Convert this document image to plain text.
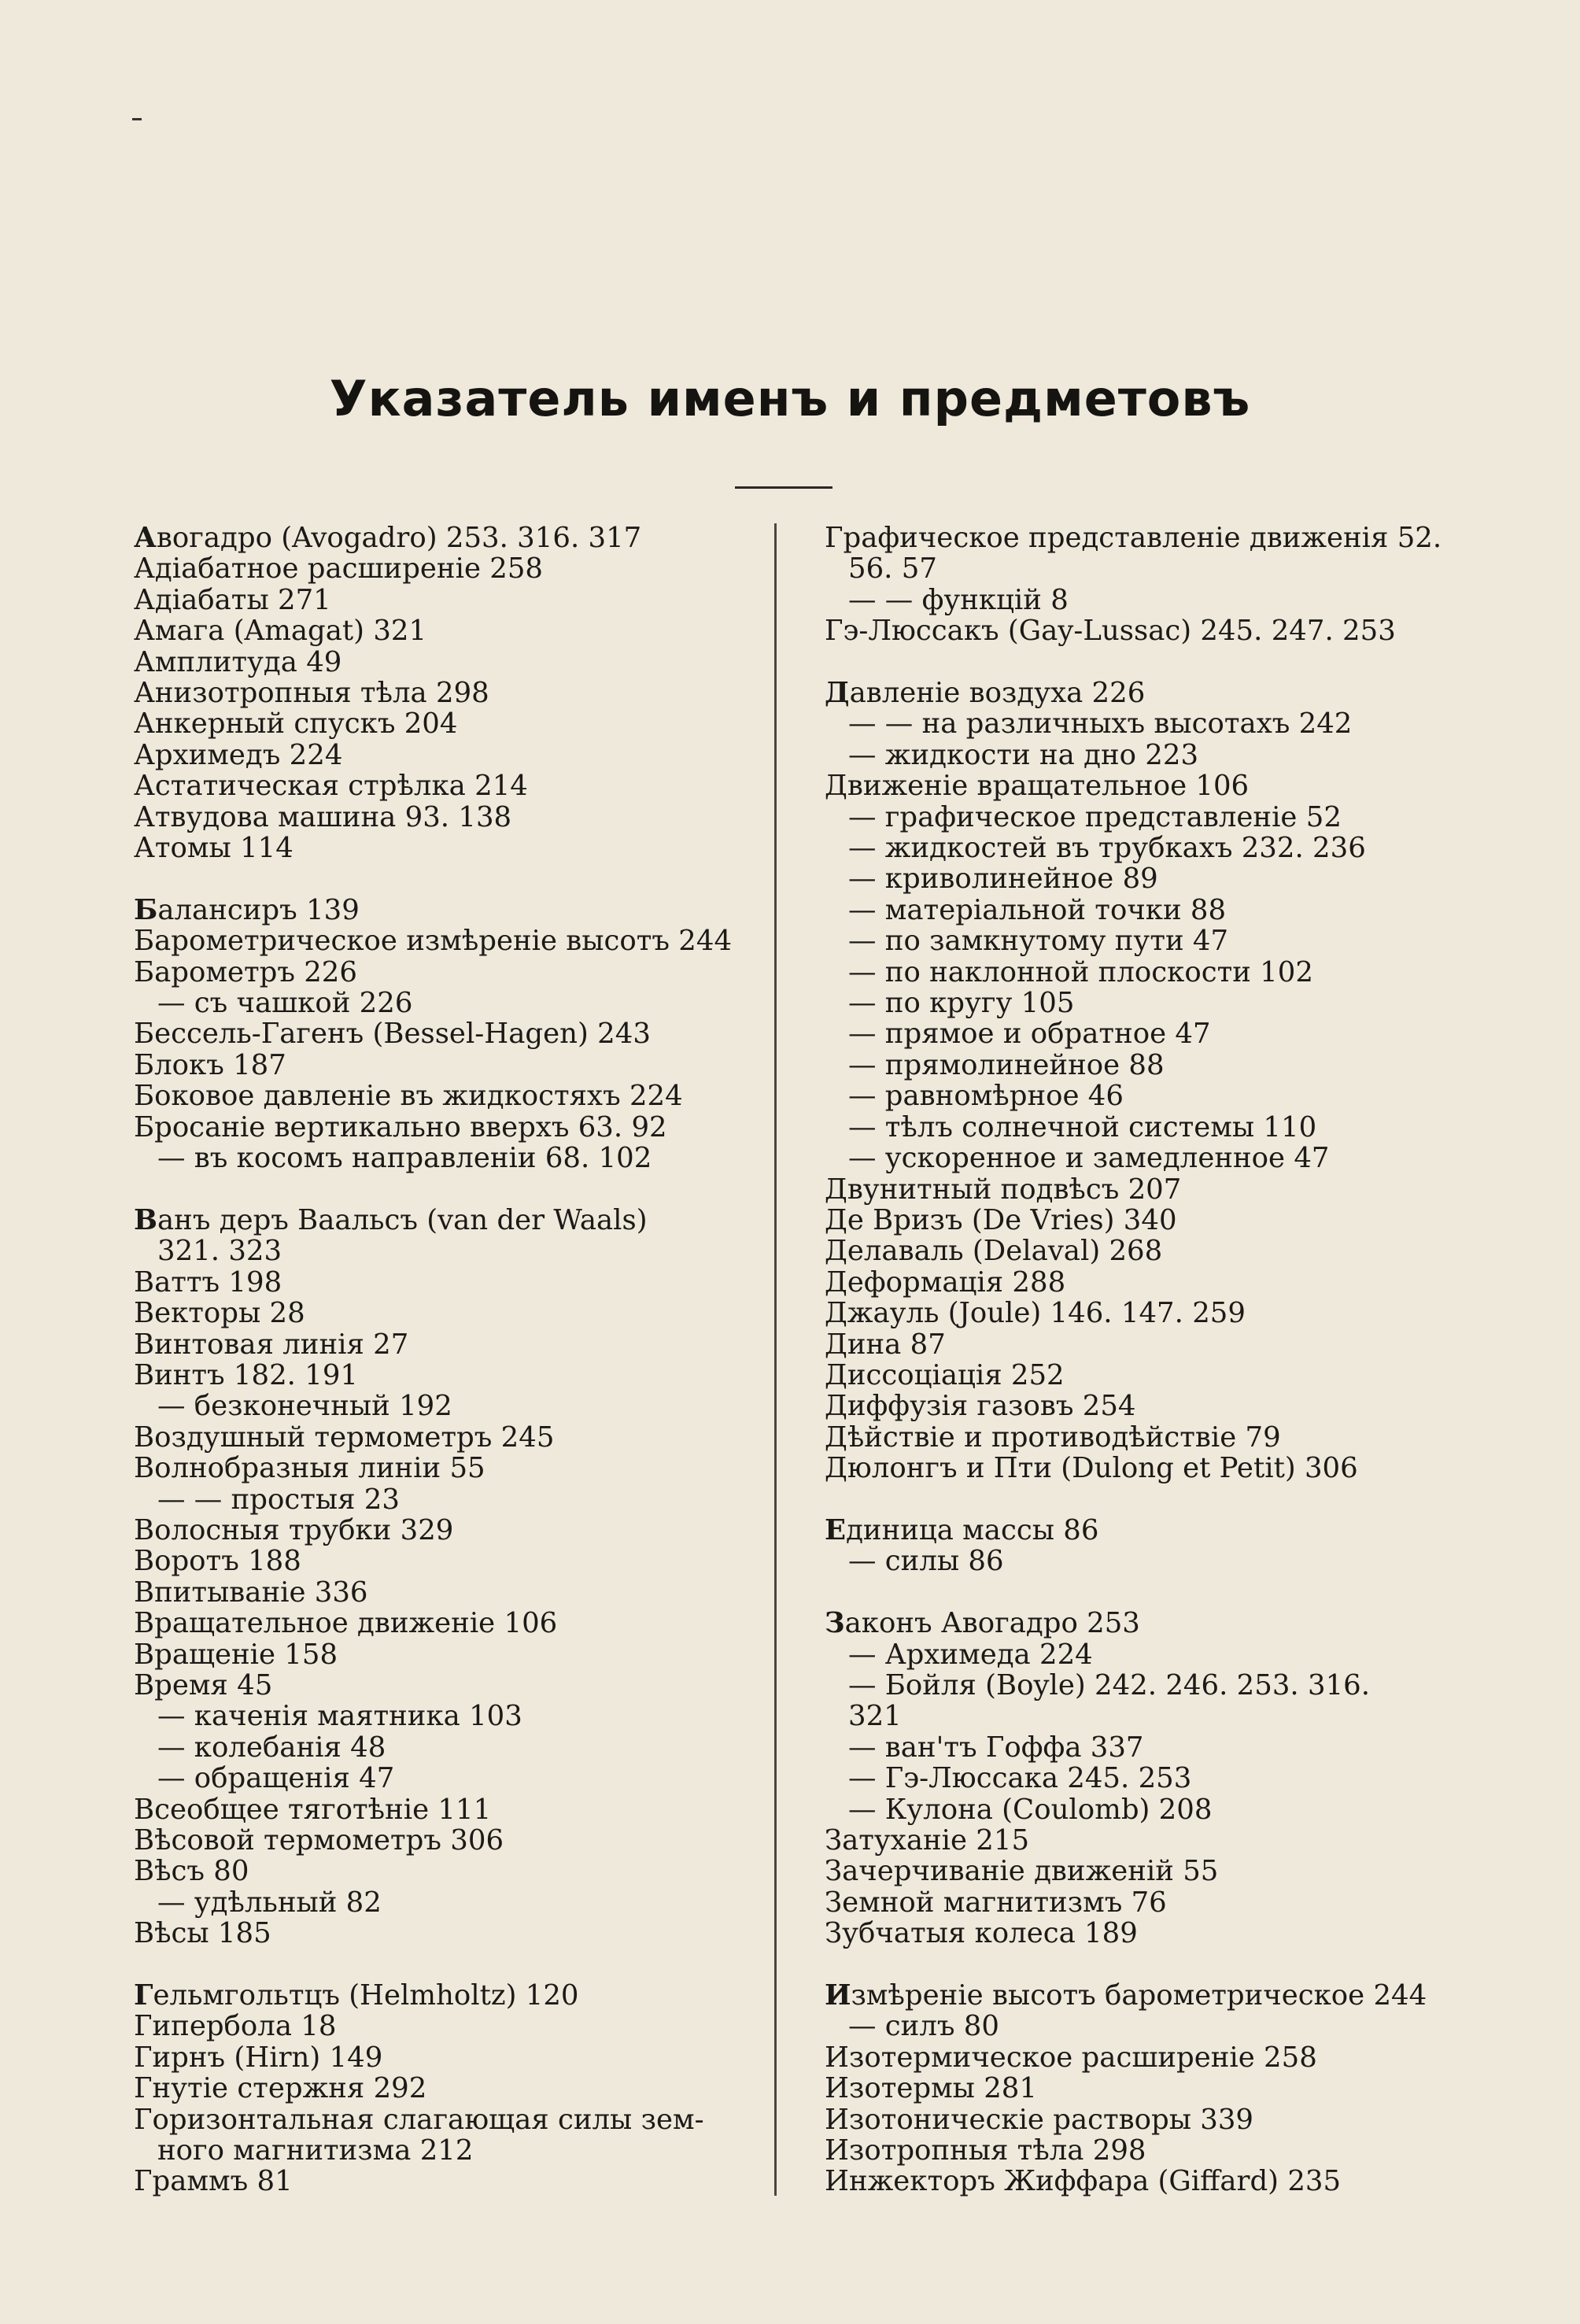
Указатель именъ и предметовъ
Авогадро (Avogadro) 253. 316. 317
Адiабатное расширенiе 258
Адiабаты 271
Амага (Amagat) 321
Амплитуда 49
Анизотропныя тѣла 298
Анкерный спускъ 204
Архимедъ 224
Астатическая стрѣлка 214
Атвудова машина 93. 138
Атомы 114
Балансиръ 139
Барометрическое измѣренiе высотъ 244
Барометръ 226
— съ чашкой 226
Бессель-Гагенъ (Bessel-Hagen) 243
Блокъ 187
Боковое давленiе въ жидкостяхъ 224
Бросанiе вертикально вверхъ 63. 92
— въ косомъ направленiи 68. 102
Ванъ деръ Ваальсъ (van der Waals)
321. 323
Ваттъ 198
Векторы 28
Винтовая линiя 27
Винтъ 182. 191
— безконечный 192
Воздушный термометръ 245
Волнобразныя линiи 55
— — простыя 23
Волосныя трубки 329
Воротъ 188
Впитыванiе 336
Вращательное движенiе 106
Вращенiе 158
Время 45
— каченiя маятника 103
— колебанiя 48
— обращенiя 47
Всеобщее тяготѣнiе 111
Вѣсовой термометръ 306
Вѣсъ 80
— удѣльный 82
Вѣсы 185
Гельмгольтцъ (Helmholtz) 120
Гипербола 18
Гирнъ (Hirn) 149
Гнутiе стержня 292
Горизонтальная слагающая силы зем-
ного магнитизма 212
Граммъ 81
Графическое представленiе движенiя 52.
56. 57
— — функцiй 8
Гэ-Люссакъ (Gay-Lussac) 245. 247. 253
Давленiе воздуха 226
— — на различныхъ высотахъ 242
— жидкости на дно 223
Движенiе вращательное 106
— графическое представленiе 52
— жидкостей въ трубкахъ 232. 236
— криволинейное 89
— матерiальной точки 88
— по замкнутому пути 47
— по наклонной плоскости 102
— по кругу 105
— прямое и обратное 47
— прямолинейное 88
— равномѣрное 46
— тѣлъ солнечной системы 110
— ускоренное и замедленное 47
Двунитный подвѣсъ 207
Де Вризъ (De Vries) 340
Делаваль (Delaval) 268
Деформацiя 288
Джауль (Joule) 146. 147. 259
Дина 87
Диссоцiацiя 252
Диффузiя газовъ 254
Дѣйствiе и противодѣйствiе 79
Дюлонгъ и Пти (Dulong et Petit) 306
Единица массы 86
— силы 86
Законъ Авогадро 253
— Архимеда 224
— Бойля (Boyle) 242. 246. 253. 316.
321
— ван'тъ Гоффа 337
— Гэ-Люссака 245. 253
— Кулона (Coulomb) 208
Затуханiе 215
Зачерчиванiе движенiй 55
Земной магнитизмъ 76
Зубчатыя колеса 189
Измѣренiе высотъ барометрическое 244
— силъ 80
Изотермическое расширенiе 258
Изотермы 281
Изотоническiе растворы 339
Изотропныя тѣла 298
Инжекторъ Жиффара (Giffard) 235
